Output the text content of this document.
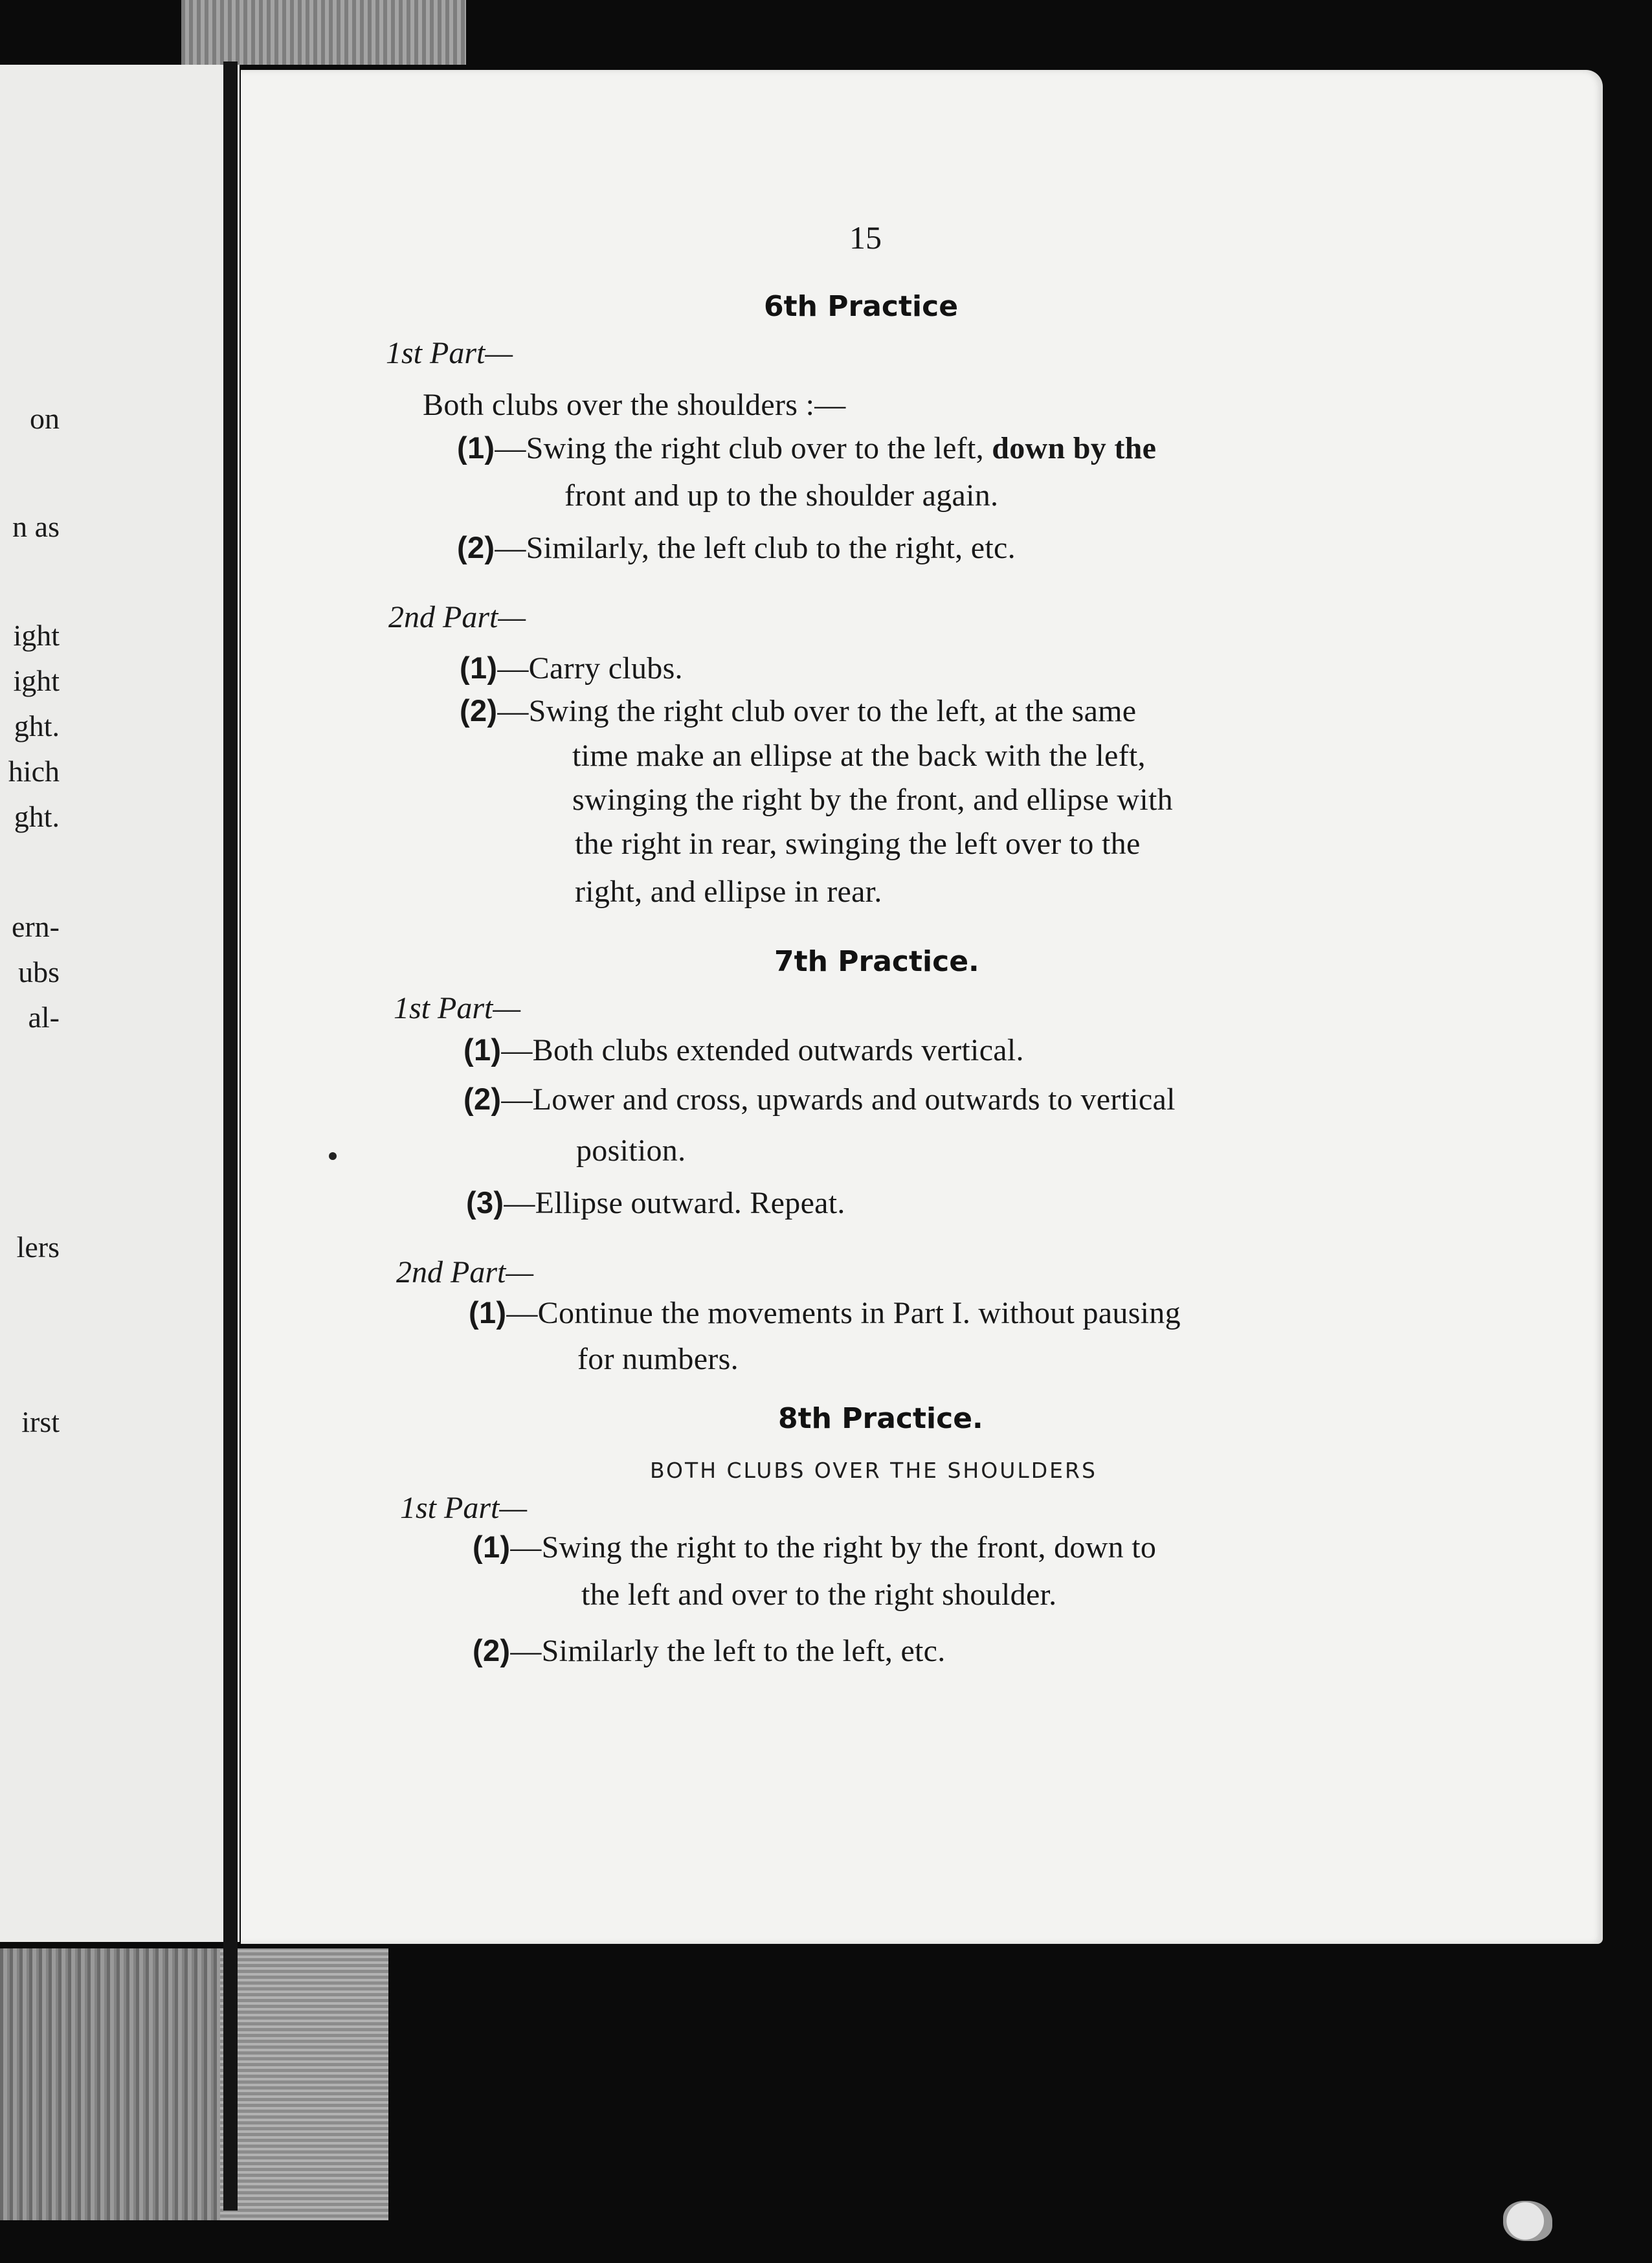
on
n as
ight
ight
ght.
hich
ght.
ern-
ubs
al-
lers
irst
15
6th Practice
1st Part—
Both clubs over the shoulders :—
(1)—Swing the right club over to the left, down by the
front and up to the shoulder again.
(2)—Similarly, the left club to the right, etc.
2nd Part—
(1)—Carry clubs.
(2)—Swing the right club over to the left, at the same
time make an ellipse at the back with the left,
swinging the right by the front, and ellipse with
the right in rear, swinging the left over to the
right, and ellipse in rear.
7th Practice.
1st Part—
(1)—Both clubs extended outwards vertical.
(2)—Lower and cross, upwards and outwards to vertical
position.
(3)—Ellipse outward. Repeat.
2nd Part—
(1)—Continue the movements in Part I. without pausing
for numbers.
8th Practice.
BOTH CLUBS OVER THE SHOULDERS
1st Part—
(1)—Swing the right to the right by the front, down to
the left and over to the right shoulder.
(2)—Similarly the left to the left, etc.
